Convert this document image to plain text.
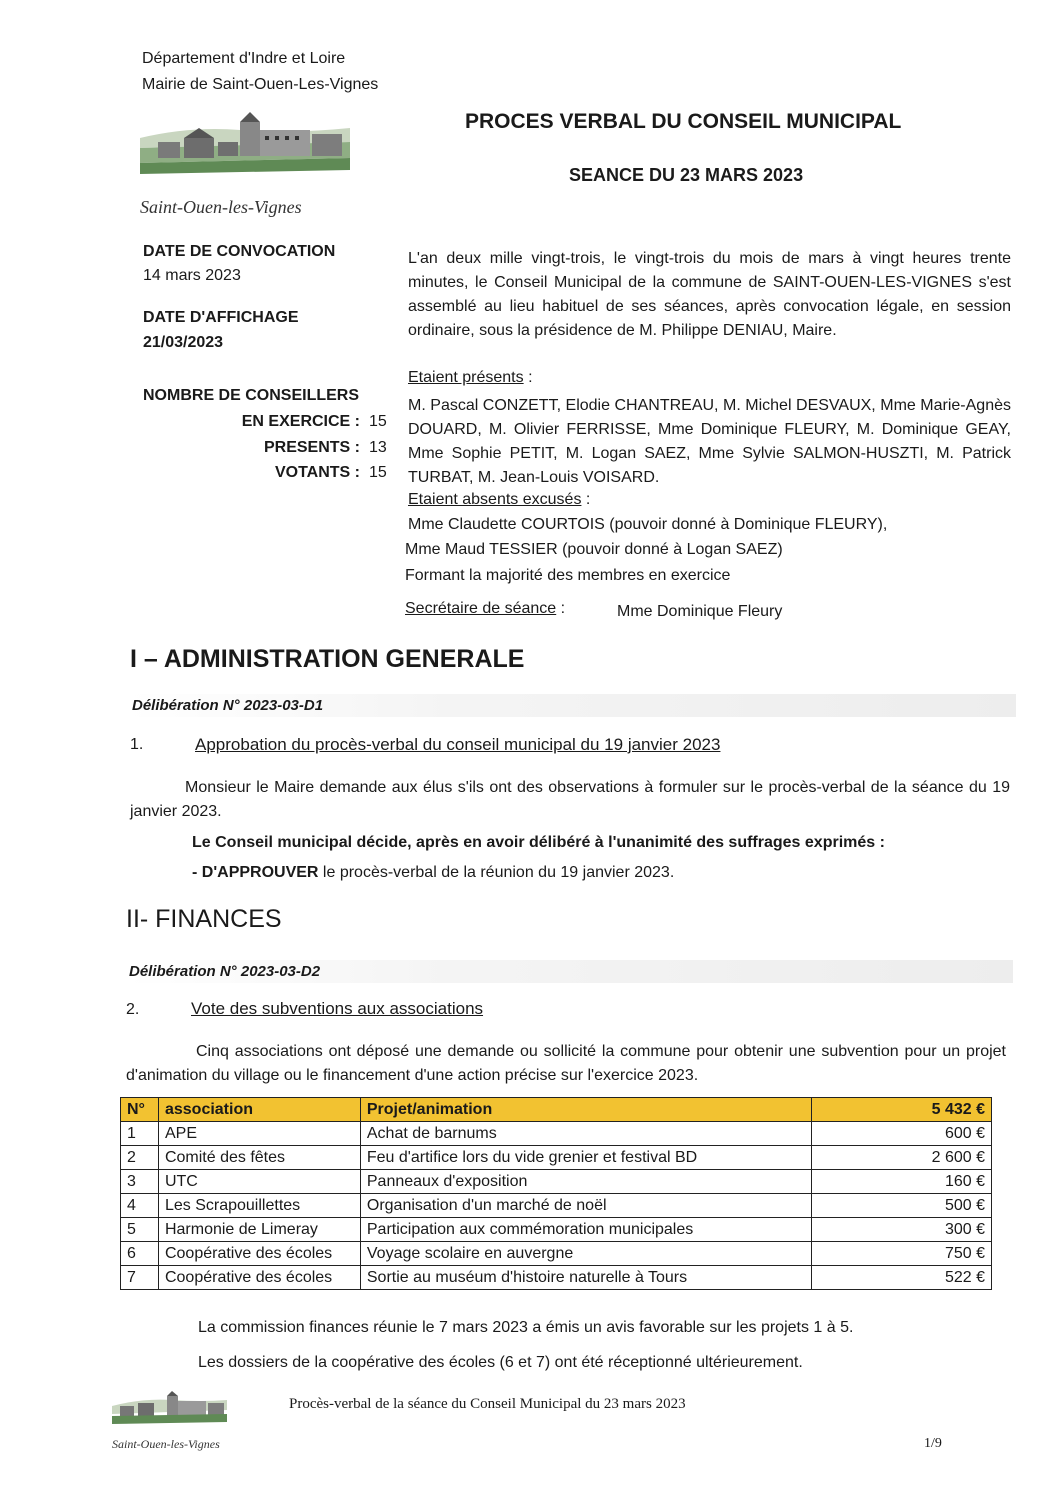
Département d'Indre et Loire
Mairie de Saint-Ouen-Les-Vignes
Saint-Ouen-les-Vignes
PROCES VERBAL DU CONSEIL MUNICIPAL
SEANCE DU 23 MARS 2023
DATE DE CONVOCATION
14 mars 2023
DATE D'AFFICHAGE
21/03/2023
NOMBRE DE CONSEILLERS
EN EXERCICE : 15
PRESENTS : 13
VOTANTS : 15
L'an deux mille vingt-trois, le vingt-trois du mois de mars à vingt heures trente minutes, le Conseil Municipal de la commune de SAINT-OUEN-LES-VIGNES s'est assemblé au lieu habituel de ses séances, après convocation légale, en session ordinaire, sous la présidence de M. Philippe DENIAU, Maire.
Etaient présents :
M. Pascal CONZETT, Elodie CHANTREAU, M. Michel DESVAUX, Mme Marie-Agnès DOUARD, M. Olivier FERRISSE, Mme Dominique FLEURY, M. Dominique GEAY, Mme Sophie PETIT, M. Logan SAEZ, Mme Sylvie SALMON-HUSZTI, M. Patrick TURBAT, M. Jean-Louis VOISARD.
Etaient absents excusés :
Mme Claudette COURTOIS (pouvoir donné à Dominique FLEURY),
Mme Maud TESSIER (pouvoir donné à Logan SAEZ)
Formant la majorité des membres en exercice
Secrétaire de séance :	Mme Dominique Fleury
I – ADMINISTRATION GENERALE
Délibération N° 2023-03-D1
1.	Approbation du procès-verbal du conseil municipal du 19 janvier 2023
Monsieur le Maire demande aux élus s'ils ont des observations à formuler sur le procès-verbal de la séance du 19 janvier 2023.
Le Conseil municipal décide, après en avoir délibéré à l'unanimité des suffrages exprimés :
- D'APPROUVER le procès-verbal de la réunion du 19 janvier 2023.
II- FINANCES
Délibération N° 2023-03-D2
2.	Vote des subventions aux associations
Cinq associations ont déposé une demande ou sollicité la commune pour obtenir une subvention pour un projet d'animation du village ou le financement d'une action précise sur l'exercice 2023.
N°	association	Projet/animation	5 432 €
1	APE	Achat de barnums	600 €
2	Comité des fêtes	Feu d'artifice lors du vide grenier et festival BD	2 600 €
3	UTC	Panneaux d'exposition	160 €
4	Les Scrapouillettes	Organisation d'un marché de noël	500 €
5	Harmonie de Limeray	Participation aux commémoration municipales	300 €
6	Coopérative des écoles	Voyage scolaire en auvergne	750 €
7	Coopérative des écoles	Sortie au muséum d'histoire naturelle à Tours	522 €
La commission finances réunie le 7 mars 2023 a émis un avis favorable sur les projets 1 à 5.
Les dossiers de la coopérative des écoles (6 et 7) ont été réceptionné ultérieurement.
Saint-Ouen-les-Vignes
Procès-verbal de la séance du Conseil Municipal du 23 mars 2023
1/9
